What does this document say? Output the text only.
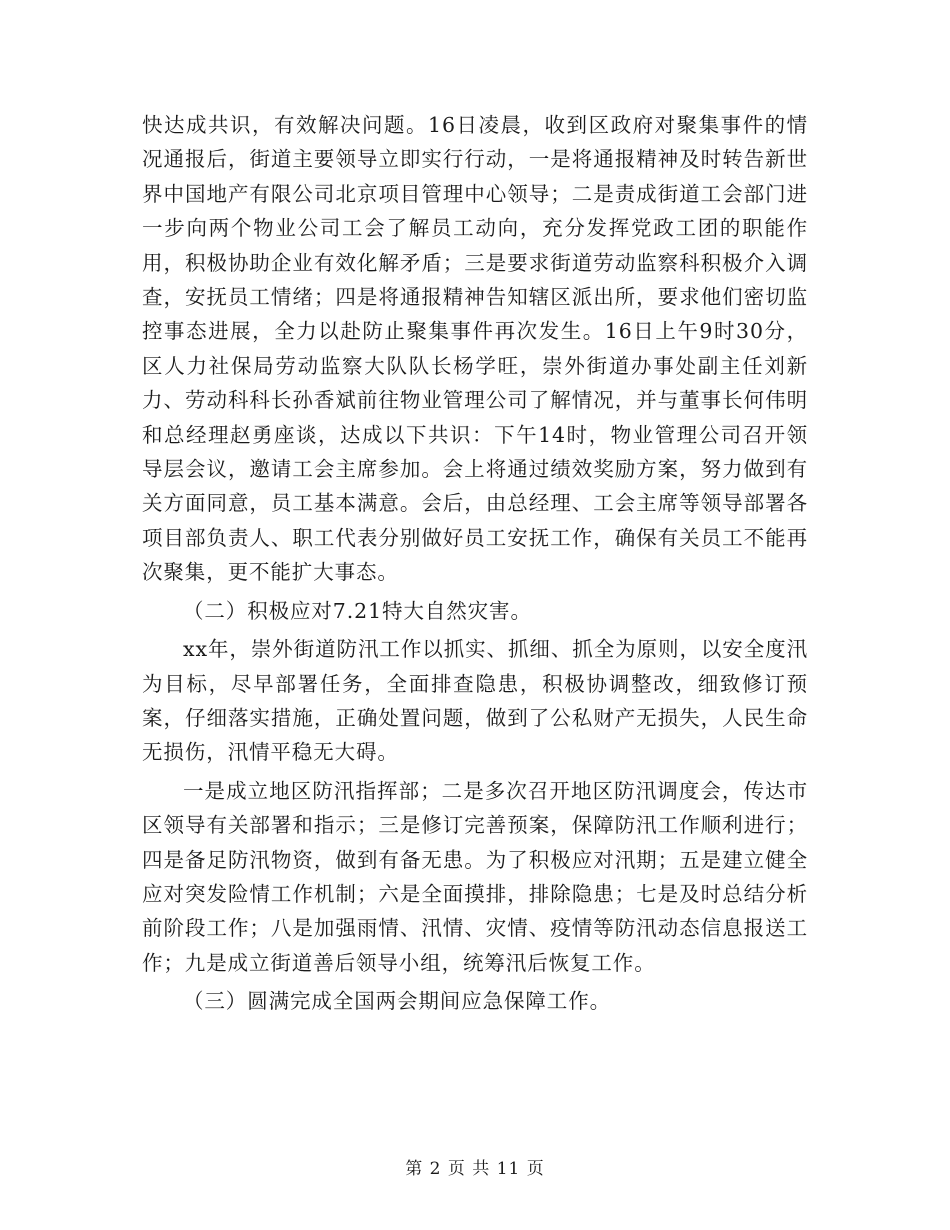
快达成共识，有效解决问题。16日凌晨，收到区政府对聚集事件的情况通报后，街道主要领导立即实行行动，一是将通报精神及时转告新世界中国地产有限公司北京项目管理中心领导；二是责成街道工会部门进一步向两个物业公司工会了解员工动向，充分发挥党政工团的职能作用，积极协助企业有效化解矛盾；三是要求街道劳动监察科积极介入调查，安抚员工情绪；四是将通报精神告知辖区派出所，要求他们密切监控事态进展，全力以赴防止聚集事件再次发生。16日上午9时30分，区人力社保局劳动监察大队队长杨学旺，崇外街道办事处副主任刘新力、劳动科科长孙香斌前往物业管理公司了解情况，并与董事长何伟明和总经理赵勇座谈，达成以下共识：下午14时，物业管理公司召开领导层会议，邀请工会主席参加。会上将通过绩效奖励方案，努力做到有关方面同意，员工基本满意。会后，由总经理、工会主席等领导部署各项目部负责人、职工代表分别做好员工安抚工作，确保有关员工不能再次聚集，更不能扩大事态。

（二）积极应对7.21特大自然灾害。

xx年，崇外街道防汛工作以抓实、抓细、抓全为原则，以安全度汛为目标，尽早部署任务，全面排查隐患，积极协调整改，细致修订预案，仔细落实措施，正确处置问题，做到了公私财产无损失，人民生命无损伤，汛情平稳无大碍。

一是成立地区防汛指挥部；二是多次召开地区防汛调度会，传达市区领导有关部署和指示；三是修订完善预案，保障防汛工作顺利进行；四是备足防汛物资，做到有备无患。为了积极应对汛期；五是建立健全应对突发险情工作机制；六是全面摸排，排除隐患；七是及时总结分析前阶段工作；八是加强雨情、汛情、灾情、疫情等防汛动态信息报送工作；九是成立街道善后领导小组，统筹汛后恢复工作。

（三）圆满完成全国两会期间应急保障工作。

第 2 页 共 11 页
